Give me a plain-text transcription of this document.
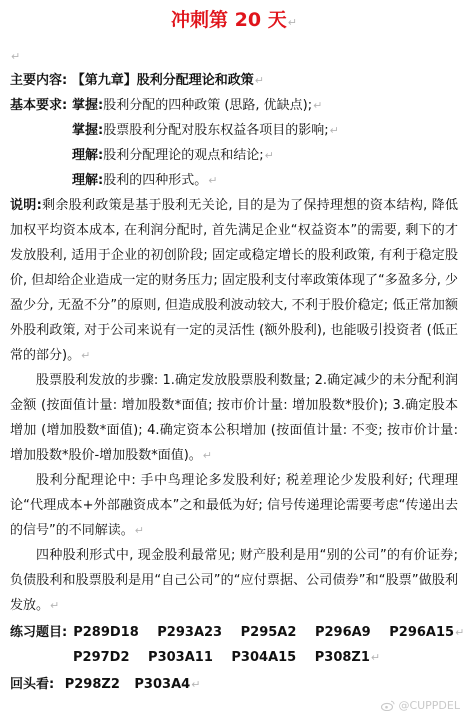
冲刺第 20 天↵
↵
主要内容: 【第九章】股利分配理论和政策↵
基本要求: 掌握: 股利分配的四种政策 (思路, 优缺点); ↵
掌握: 股票股利分配对股东权益各项目的影响; ↵
理解: 股利分配理论的观点和结论; ↵
理解: 股利的四种形式。 ↵

说明:剩余股利政策是基于股利无关论, 目的是为了保持理想的资本结构, 降低加权平均资本成本, 在利润分配时, 首先满足企业“权益资本”的需要, 剩下的才发放股利, 适用于企业的初创阶段; 固定或稳定增长的股利政策, 有利于稳定股价, 但却给企业造成一定的财务压力; 固定股利支付率政策体现了“多盈多分, 少盈少分, 无盈不分”的原则, 但造成股利波动较大, 不利于股价稳定; 低正常加额外股利政策, 对于公司来说有一定的灵活性 (额外股利), 也能吸引投资者 (低正常的部分)。↵

股票股利发放的步骤: 1.确定发放股票股利数量; 2.确定减少的未分配利润金额 (按面值计量: 增加股数*面值; 按市价计量: 增加股数*股价); 3.确定股本增加 (增加股数*面值); 4.确定资本公积增加 (按面值计量: 不变; 按市价计量: 增加股数*股价-增加股数*面值)。↵

股利分配理论中: 手中鸟理论多发股利好; 税差理论少发股利好; 代理理论“代理成本+外部融资成本”之和最低为好; 信号传递理论需要考虑“传递出去的信号”的不同解读。↵

四种股利形式中, 现金股利最常见; 财产股利是用“别的公司”的有价证券; 负债股利和股票股利是用“自己公司”的“应付票据、公司债券”和“股票”做股利发放。↵

练习题目: P289D18 P293A23 P295A2 P296A9 P296A15↵
P297D2 P303A11 P304A15 P308Z1↵
回头看: P298Z2 P303A4↵
@CUPPDEL
